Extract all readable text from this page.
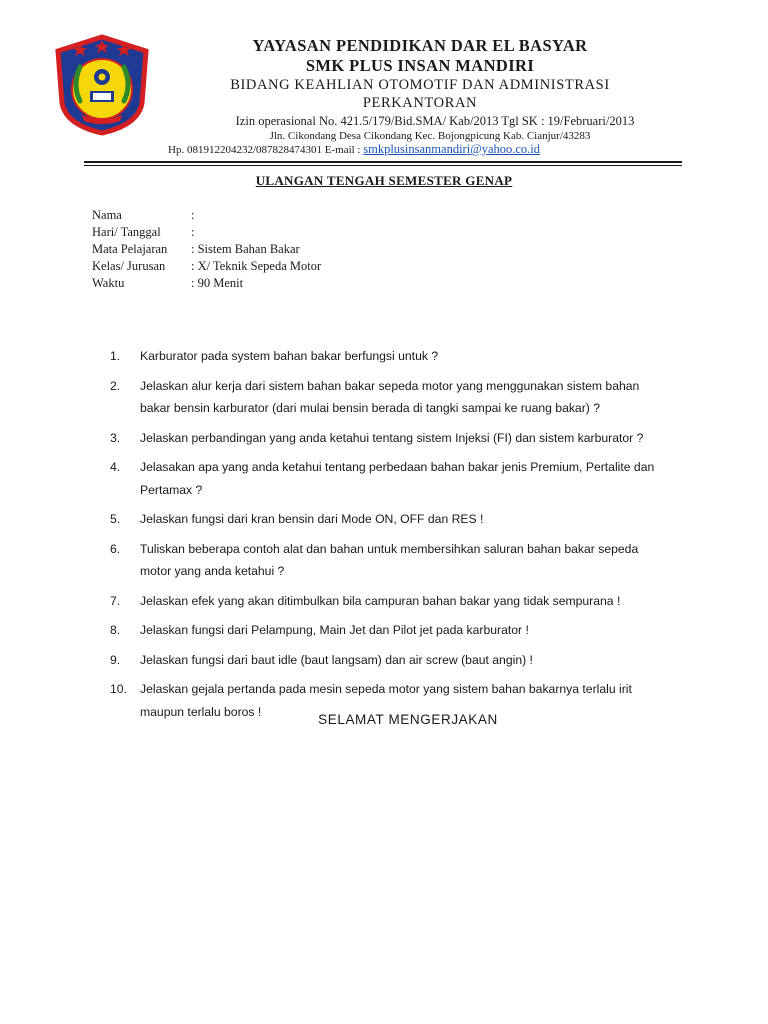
YAYASAN PENDIDIKAN DAR EL BASYAR
SMK PLUS INSAN MANDIRI
BIDANG KEAHLIAN OTOMOTIF DAN ADMINISTRASI
PERKANTORAN
Izin operasional No. 421.5/179/Bid.SMA/ Kab/2013 Tgl SK : 19/Februari/2013
Jln. Cikondang Desa Cikondang Kec. Bojongpicung Kab. Cianjur/43283
Hp. 081912204232/087828474301 E-mail : smkplusinsanmandiri@yahoo.co.id
ULANGAN TENGAH SEMESTER GENAP
Nama	:
Hari/ Tanggal	:
Mata Pelajaran	: Sistem Bahan Bakar
Kelas/ Jurusan	: X/ Teknik Sepeda Motor
Waktu	: 90 Menit
1.	Karburator pada system bahan bakar berfungsi untuk ?
2.	Jelaskan alur kerja dari sistem bahan bakar sepeda motor yang menggunakan sistem bahan bakar bensin karburator (dari mulai bensin berada di tangki sampai ke ruang bakar) ?
3.	Jelaskan perbandingan yang anda ketahui tentang sistem Injeksi (FI) dan sistem karburator ?
4.	Jelasakan apa yang anda ketahui tentang perbedaan bahan bakar jenis Premium, Pertalite dan Pertamax ?
5.	Jelaskan fungsi dari kran bensin dari Mode ON, OFF dan RES !
6.	Tuliskan beberapa contoh alat dan bahan untuk membersihkan saluran bahan bakar sepeda motor yang anda ketahui ?
7.	Jelaskan efek yang akan ditimbulkan bila campuran bahan bakar yang tidak sempurana !
8.	Jelaskan fungsi dari Pelampung, Main Jet dan Pilot jet pada karburator !
9.	Jelaskan fungsi dari baut idle (baut langsam) dan air screw (baut angin) !
10.	Jelaskan gejala pertanda pada mesin sepeda motor yang sistem bahan bakarnya terlalu irit maupun terlalu boros !
SELAMAT MENGERJAKAN
